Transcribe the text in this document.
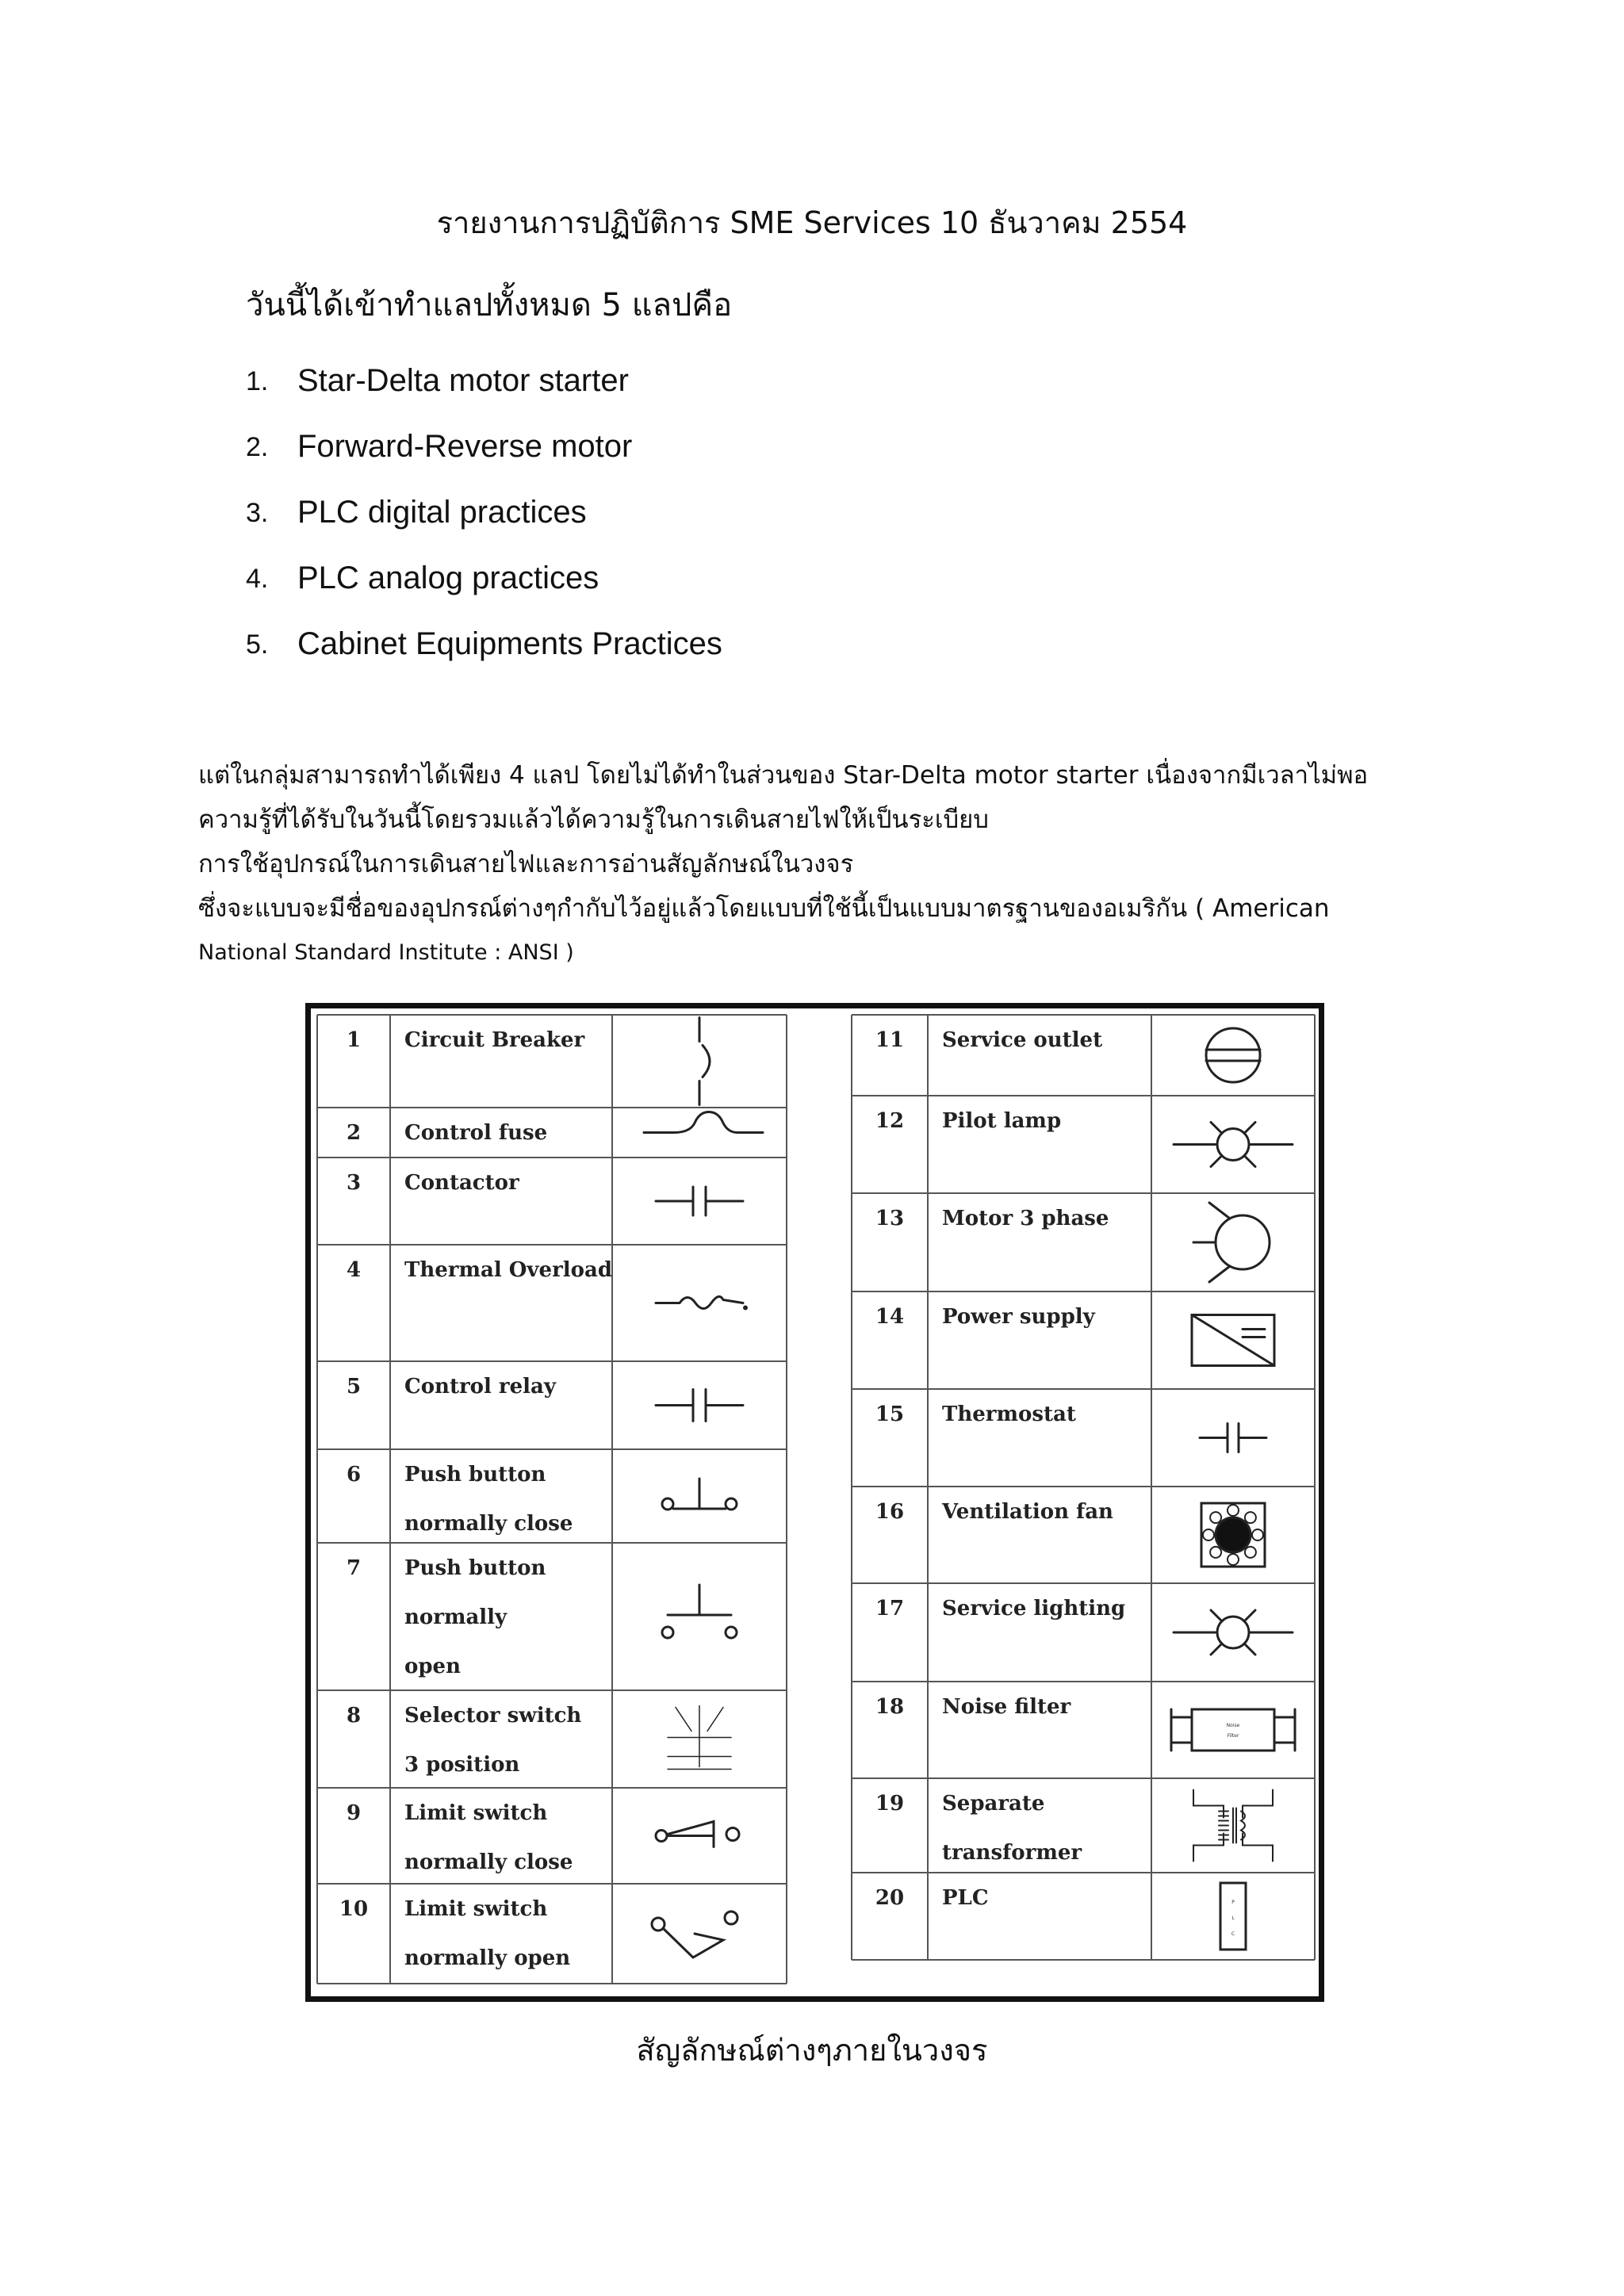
รายงานการปฏิบัติการ SME Services 10 ธันวาคม 2554
วันนี้ได้เข้าทำแลปทั้งหมด 5 แลปคือ
1. Star-Delta motor starter
2. Forward-Reverse motor
3. PLC digital practices
4. PLC analog practices
5. Cabinet Equipments Practices
แต่ในกลุ่มสามารถทำได้เพียง 4 แลป โดยไม่ได้ทำในส่วนของ Star-Delta motor starter เนื่องจากมีเวลาไม่พอ
ความรู้ที่ได้รับในวันนี้โดยรวมแล้วได้ความรู้ในการเดินสายไฟให้เป็นระเบียบ
การใช้อุปกรณ์ในการเดินสายไฟและการอ่านสัญลักษณ์ในวงจร
ซึ่งจะแบบจะมีชื่อของอุปกรณ์ต่างๆกำกับไว้อยู่แล้วโดยแบบที่ใช้นี้เป็นแบบมาตรฐานของอเมริกัน ( American
National Standard Institute : ANSI )
1 Circuit Breaker
2 Control fuse
3 Contactor
4 Thermal Overload
5 Control relay
6 Push button
normally close
7 Push button
normally
open
8 Selector switch
3 position
9 Limit switch
normally close
10 Limit switch
normally open
11 Service outlet
12 Pilot lamp
13 Motor 3 phase
14 Power supply
15 Thermostat
16 Ventilation fan
17 Service lighting
18 Noise filter
19 Separate
transformer
20 PLC
Noise
Filter
P
L
C
สัญลักษณ์ต่างๆภายในวงจร
